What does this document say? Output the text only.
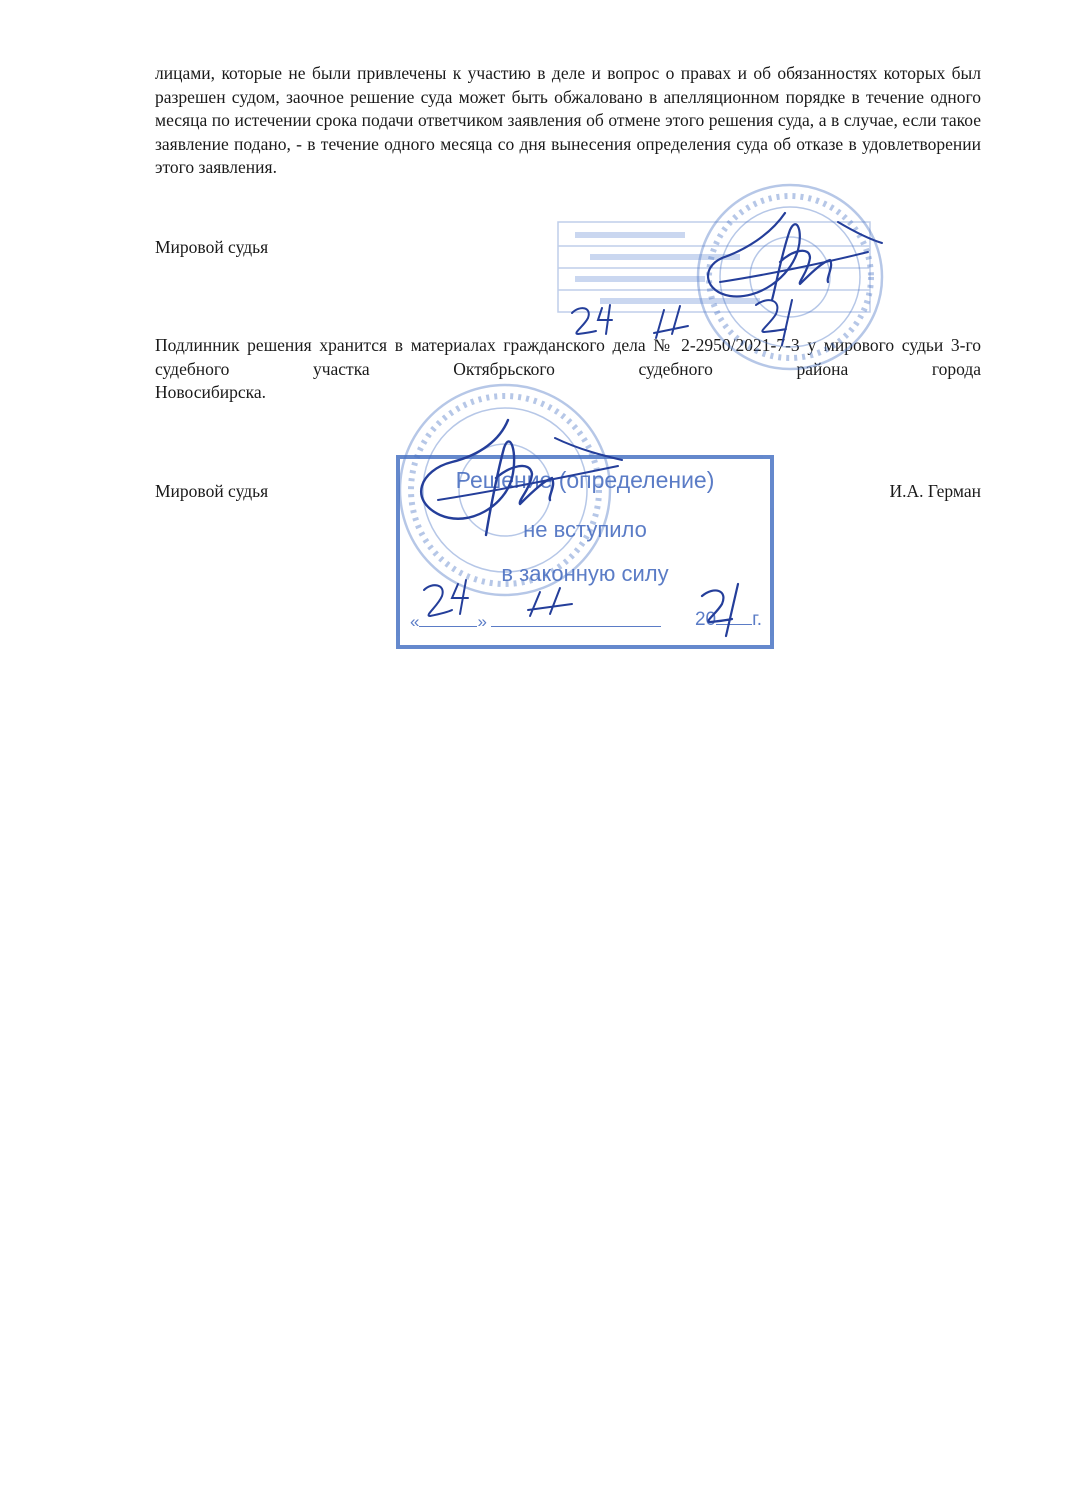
лицами, которые не были привлечены к участию в деле и вопрос о правах и об обязанностях которых был разрешен судом, заочное решение суда может быть обжаловано в апелляционном порядке в течение одного месяца по истечении срока подачи ответчиком заявления об отмене этого решения суда, а в случае, если такое заявление подано, - в течение одного месяца со дня вынесения определения суда об отказе в удовлетворении этого заявления.
Мировой судья
Подлинник решения хранится в материалах гражданского дела № 2-2950/2021-7-3 у мирового судьи 3-го судебного участка Октябрьского судебного района города
Новосибирска.
Мировой судья	И.А. Герман
Решение (определение)
не вступило
в законную силу
«	»	20 г.
